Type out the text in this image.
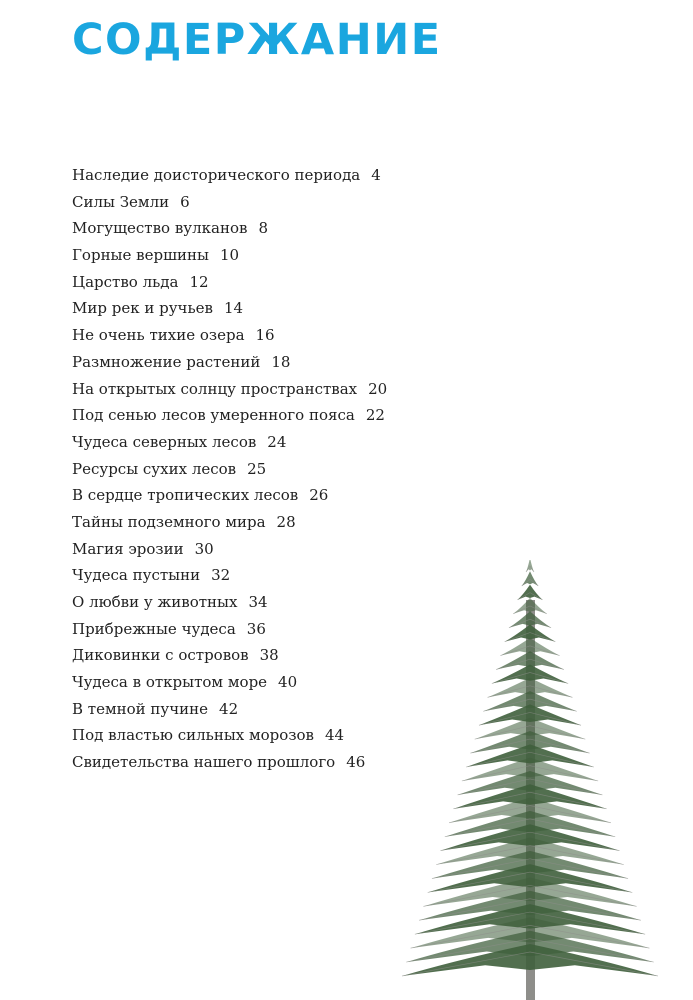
СОДЕРЖАНИЕ
Наследие доисторического периода 4
Силы Земли 6
Могущество вулканов 8
Горные вершины 10
Царство льда 12
Мир рек и ручьев 14
Не очень тихие озера 16
Размножение растений 18
На открытых солнцу пространствах 20
Под сенью лесов умеренного пояса 22
Чудеса северных лесов 24
Ресурсы сухих лесов 25
В сердце тропических лесов 26
Тайны подземного мира 28
Магия эрозии 30
Чудеса пустыни 32
О любви у животных 34
Прибрежные чудеса 36
Диковинки с островов 38
Чудеса в открытом море 40
В темной пучине 42
Под властью сильных морозов 44
Свидетельства нашего прошлого 46
